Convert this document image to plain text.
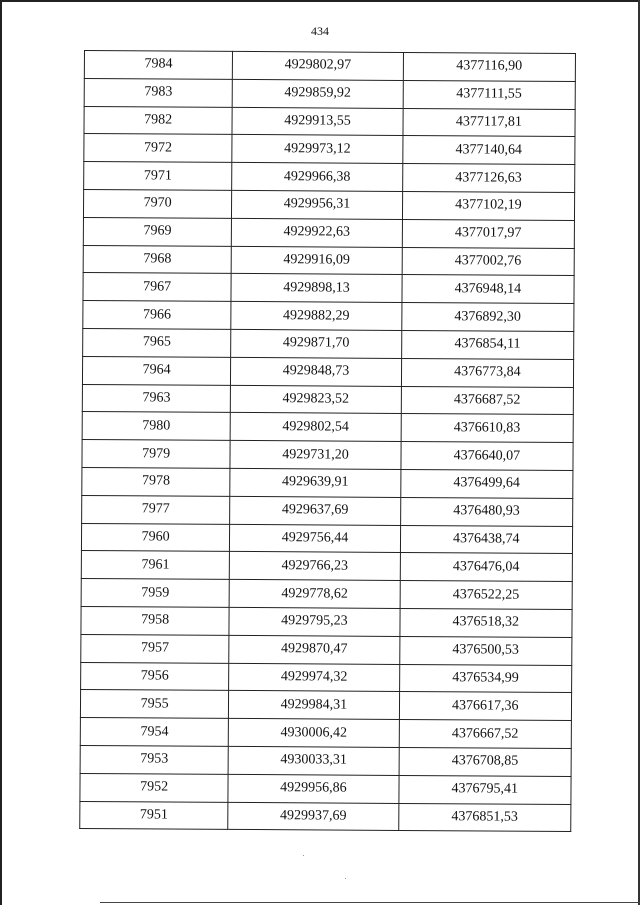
434
7984	4929802,97	4377116,90
7983	4929859,92	4377111,55
7982	4929913,55	4377117,81
7972	4929973,12	4377140,64
7971	4929966,38	4377126,63
7970	4929956,31	4377102,19
7969	4929922,63	4377017,97
7968	4929916,09	4377002,76
7967	4929898,13	4376948,14
7966	4929882,29	4376892,30
7965	4929871,70	4376854,11
7964	4929848,73	4376773,84
7963	4929823,52	4376687,52
7980	4929802,54	4376610,83
7979	4929731,20	4376640,07
7978	4929639,91	4376499,64
7977	4929637,69	4376480,93
7960	4929756,44	4376438,74
7961	4929766,23	4376476,04
7959	4929778,62	4376522,25
7958	4929795,23	4376518,32
7957	4929870,47	4376500,53
7956	4929974,32	4376534,99
7955	4929984,31	4376617,36
7954	4930006,42	4376667,52
7953	4930033,31	4376708,85
7952	4929956,86	4376795,41
7951	4929937,69	4376851,53
